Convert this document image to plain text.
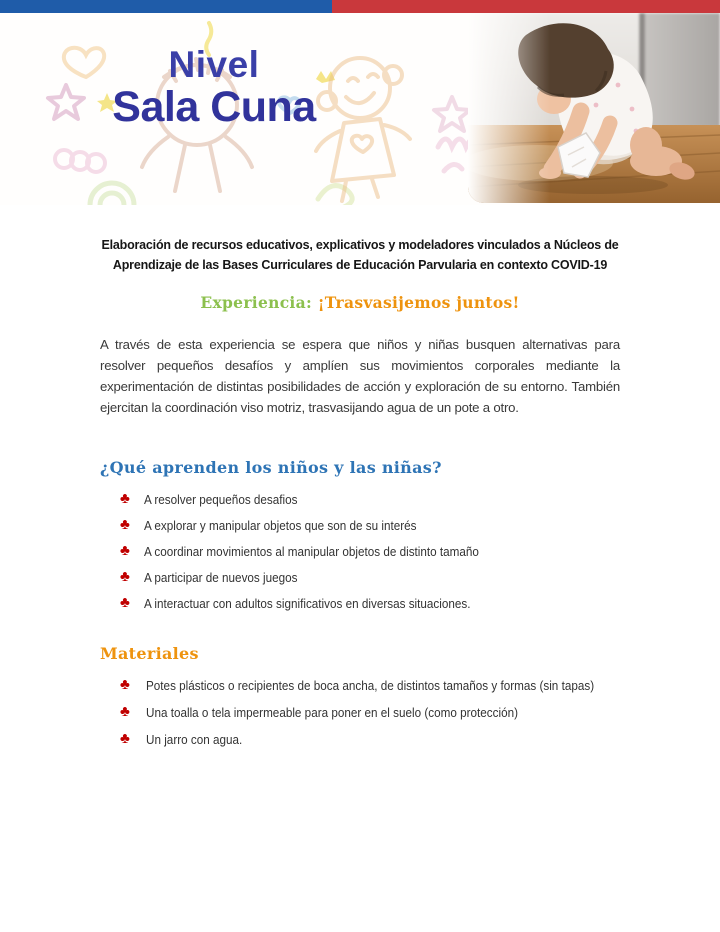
Nivel
Sala Cuna

Elaboración de recursos educativos, explicativos y modeladores vinculados a Núcleos de Aprendizaje de las Bases Curriculares de Educación Parvularia en contexto COVID-19

Experiencia: ¡Trasvasijemos juntos!

A través de esta experiencia se espera que niños y niñas busquen alternativas para resolver pequeños desafíos y amplíen sus movimientos corporales mediante la experimentación de distintas posibilidades de acción y exploración de su entorno. También ejercitan la coordinación viso motriz, trasvasijando agua de un pote a otro.

¿Qué aprenden los niños y las niñas?
♣ A resolver pequeños desafios
♣ A explorar y manipular objetos que son de su interés
♣ A coordinar movimientos al manipular objetos de distinto tamaño
♣ A participar de nuevos juegos
♣ A interactuar con adultos significativos en diversas situaciones.
Materiales
♣ Potes plásticos o recipientes de boca ancha, de distintos tamaños y formas (sin tapas)
♣ Una toalla o tela impermeable para poner en el suelo (como protección)
♣ Un jarro con agua.
